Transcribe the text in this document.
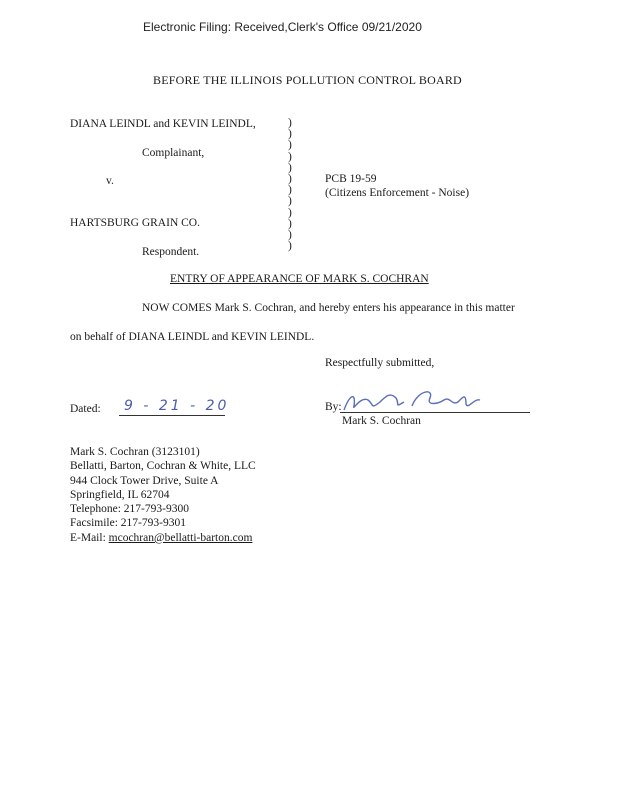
Electronic Filing: Received,Clerk's Office 09/21/2020
BEFORE THE ILLINOIS POLLUTION CONTROL BOARD
DIANA LEINDL and KEVIN LEINDL,
Complainant,
v.
HARTSBURG GRAIN CO.
Respondent.
)
)
)
)
)
)
)
)
)
)
)
)
PCB 19-59
(Citizens Enforcement - Noise)
ENTRY OF APPEARANCE OF MARK S. COCHRAN
NOW COMES Mark S. Cochran, and hereby enters his appearance in this matter
on behalf of DIANA LEINDL and KEVIN LEINDL.
Respectfully submitted,
Dated: 9 - 21 - 20	By:
Mark S. Cochran
Mark S. Cochran (3123101)
Bellatti, Barton, Cochran & White, LLC
944 Clock Tower Drive, Suite A
Springfield, IL 62704
Telephone: 217-793-9300
Facsimile: 217-793-9301
E-Mail: mcochran@bellatti-barton.com
